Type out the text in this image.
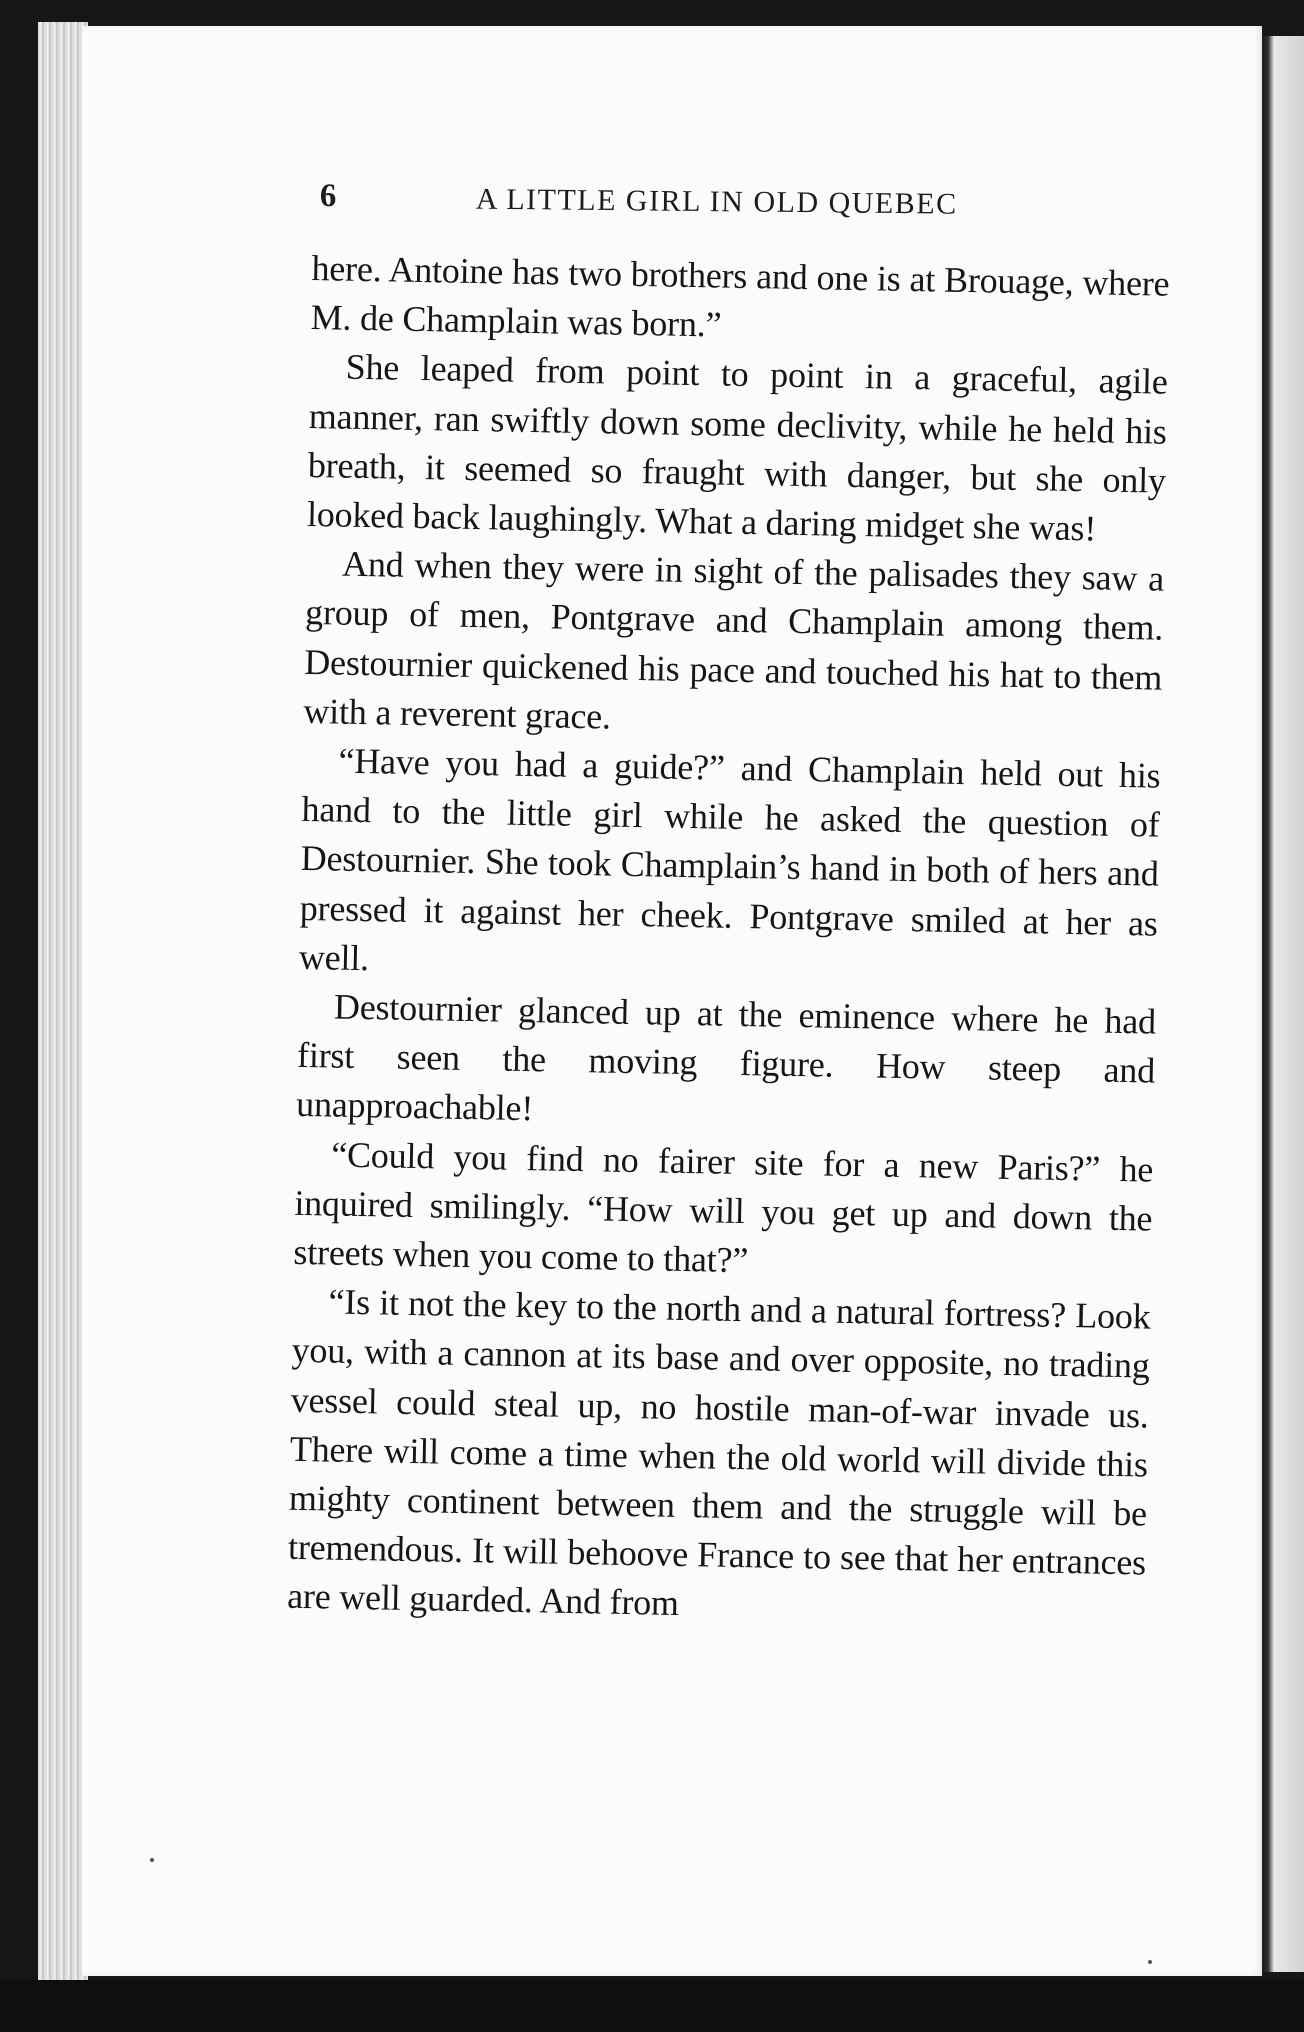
6	A LITTLE GIRL IN OLD QUEBEC

here. Antoine has two brothers and one is at Brouage, where M. de Champlain was born.”

She leaped from point to point in a graceful, agile manner, ran swiftly down some declivity, while he held his breath, it seemed so fraught with danger, but she only looked back laughingly. What a daring midget she was!

And when they were in sight of the palisades they saw a group of men, Pontgrave and Champlain among them. Destournier quickened his pace and touched his hat to them with a reverent grace.

“Have you had a guide?” and Champlain held out his hand to the little girl while he asked the question of Destournier. She took Champlain’s hand in both of hers and pressed it against her cheek. Pontgrave smiled at her as well.

Destournier glanced up at the eminence where he had first seen the moving figure. How steep and unapproachable!

“Could you find no fairer site for a new Paris?” he inquired smilingly. “How will you get up and down the streets when you come to that?”

“Is it not the key to the north and a natural fortress? Look you, with a cannon at its base and over opposite, no trading vessel could steal up, no hostile man-of-war invade us. There will come a time when the old world will divide this mighty continent between them and the struggle will be tremendous. It will behoove France to see that her entrances are well guarded. And from
